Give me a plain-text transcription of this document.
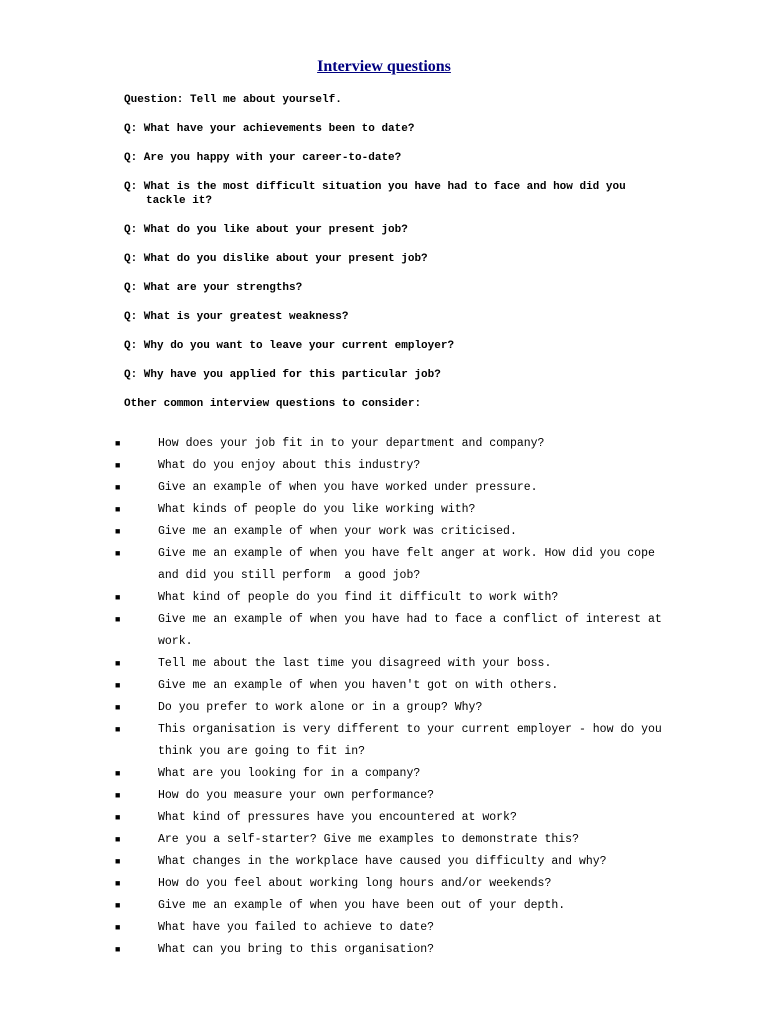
Interview questions

Question: Tell me about yourself.

Q: What have your achievements been to date?

Q: Are you happy with your career-to-date?

Q: What is the most difficult situation you have had to face and how did you tackle it?

Q: What do you like about your present job?

Q: What do you dislike about your present job?

Q: What are your strengths?

Q: What is your greatest weakness?

Q: Why do you want to leave your current employer?

Q: Why have you applied for this particular job?

Other common interview questions to consider:

■	How does your job fit in to your department and company?
■	What do you enjoy about this industry?
■	Give an example of when you have worked under pressure.
■	What kinds of people do you like working with?
■	Give me an example of when your work was criticised.
■	Give me an example of when you have felt anger at work. How did you cope and did you still perform  a good job?
■	What kind of people do you find it difficult to work with?
■	Give me an example of when you have had to face a conflict of interest at work.
■	Tell me about the last time you disagreed with your boss.
■	Give me an example of when you haven't got on with others.
■	Do you prefer to work alone or in a group? Why?
■	This organisation is very different to your current employer - how do you think you are going to fit in?
■	What are you looking for in a company?
■	How do you measure your own performance?
■	What kind of pressures have you encountered at work?
■	Are you a self-starter? Give me examples to demonstrate this?
■	What changes in the workplace have caused you difficulty and why?
■	How do you feel about working long hours and/or weekends?
■	Give me an example of when you have been out of your depth.
■	What have you failed to achieve to date?
■	What can you bring to this organisation?
